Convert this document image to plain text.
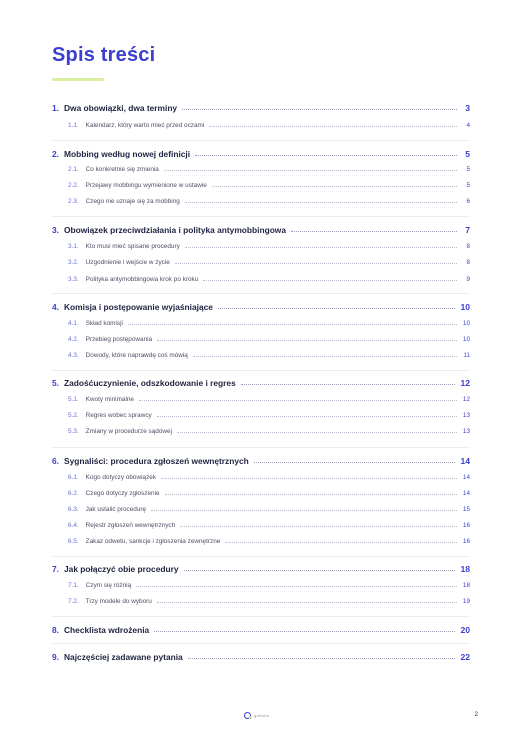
Spis treści
1. Dwa obowiązki, dwa terminy	3
1.1. Kalendarz, który warto mieć przed oczami	4
2. Mobbing według nowej definicji	5
2.1. Co konkretnie się zmienia	5
2.2. Przejawy mobbingu wymienione w ustawie	5
2.3. Czego nie uznaje się za mobbing	6
3. Obowiązek przeciwdziałania i polityka antymobbingowa	7
3.1. Kto musi mieć spisane procedury	8
3.2. Uzgodnienie i wejście w życie	8
3.3. Polityka antymobbingowa krok po kroku	9
4. Komisja i postępowanie wyjaśniające	10
4.1. Skład komisji	10
4.2. Przebieg postępowania	10
4.3. Dowody, które naprawdę coś mówią	11
5. Zadośćuczynienie, odszkodowanie i regres	12
5.1. Kwoty minimalne	12
5.2. Regres wobec sprawcy	13
5.3. Zmiany w procedurze sądowej	13
6. Sygnaliści: procedura zgłoszeń wewnętrznych	14
6.1. Kogo dotyczy obowiązek	14
6.2. Czego dotyczy zgłoszenie	14
6.3. Jak ustalić procedurę	15
6.4. Rejestr zgłoszeń wewnętrznych	16
6.5. Zakaz odwetu, sankcje i zgłoszenia zewnętrzne	16
7. Jak połączyć obie procedury	18
7.1. Czym się różnią	18
7.2. Trzy modele do wyboru	19
8. Checklista wdrożenia	20
9. Najczęściej zadawane pytania	22
gofinito	2
